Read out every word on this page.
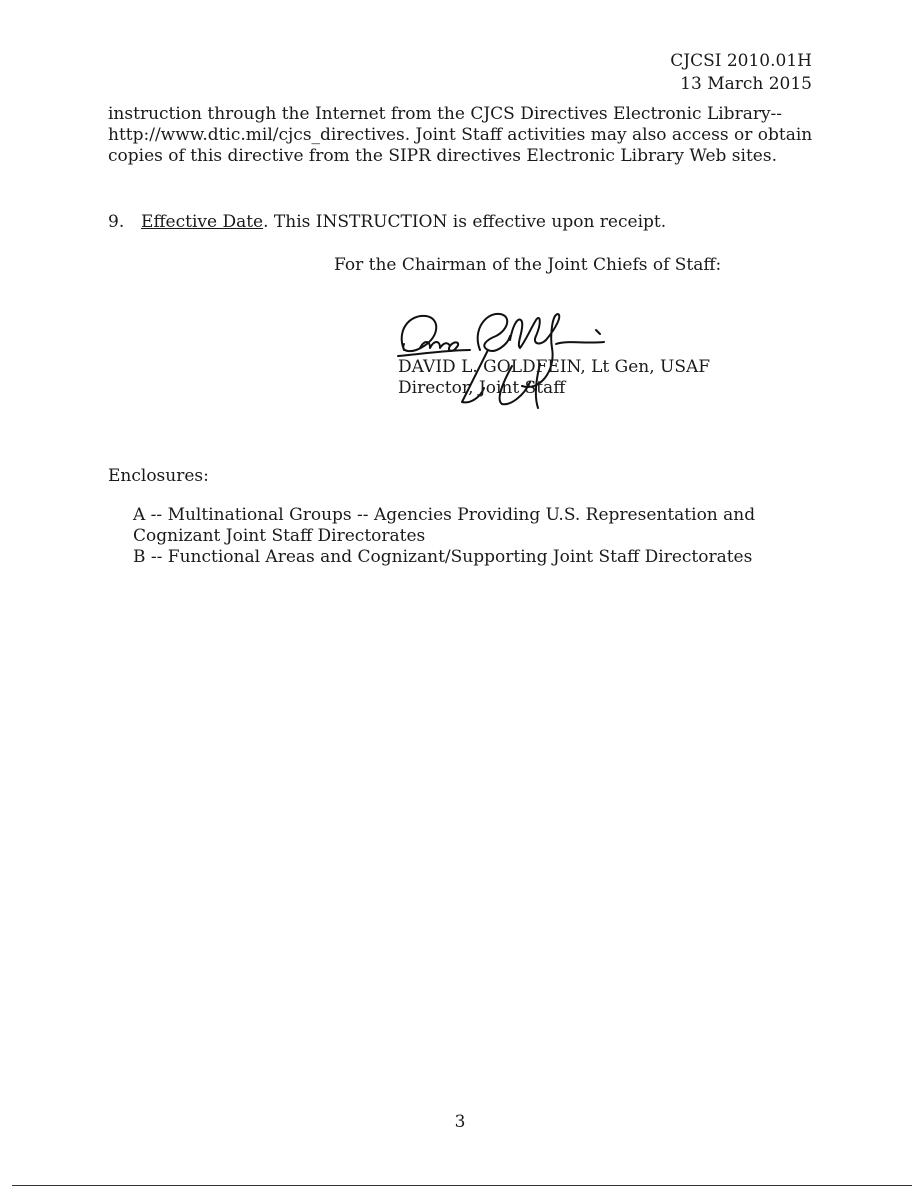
CJCSI 2010.01H
13 March 2015

instruction through the Internet from the CJCS Directives Electronic Library--http://www.dtic.mil/cjcs_directives. Joint Staff activities may also access or obtain copies of this directive from the SIPR directives Electronic Library Web sites.

9. Effective Date. This INSTRUCTION is effective upon receipt.
For the Chairman of the Joint Chiefs of Staff:
DAVID L. GOLDFEIN, Lt Gen, USAF
Director, Joint Staff
Enclosures:
A -- Multinational Groups -- Agencies Providing U.S. Representation and Cognizant Joint Staff Directorates
B -- Functional Areas and Cognizant/Supporting Joint Staff Directorates
3
